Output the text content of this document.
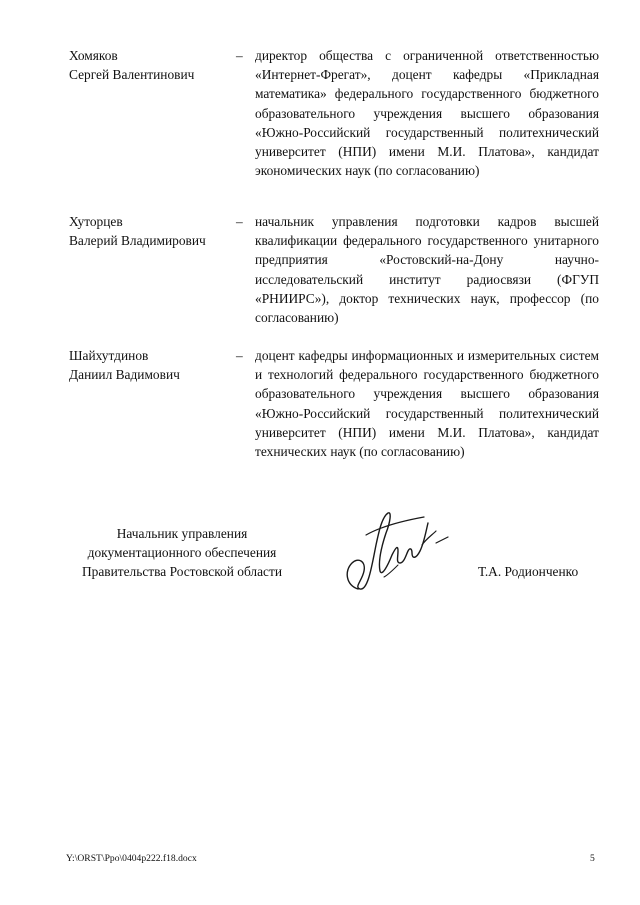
Хомяков
Сергей Валентинович
– директор общества с ограниченной ответственностью «Интернет-Фрегат», доцент кафедры «Прикладная математика» федерального государственного бюджетного образовательного учреждения высшего образования «Южно-Российский государственный политехнический университет (НПИ) имени М.И. Платова», кандидат экономических наук (по согласованию)
Хуторцев
Валерий Владимирович
– начальник управления подготовки кадров высшей квалификации федерального государственного унитарного предприятия «Ростовский-на-Дону научно-исследовательский институт радиосвязи (ФГУП «РНИИРС»), доктор технических наук, профессор (по согласованию)
Шайхутдинов
Даниил Вадимович
– доцент кафедры информационных и измерительных систем и технологий федерального государственного бюджетного образовательного учреждения высшего образования «Южно-Российский государственный политехнический университет (НПИ) имени М.И. Платова», кандидат технических наук (по согласованию)
Начальник управления
документационного обеспечения
Правительства Ростовской области	Т.А. Родионченко
Y:\ORST\Ppo\0404p222.f18.docx	5
